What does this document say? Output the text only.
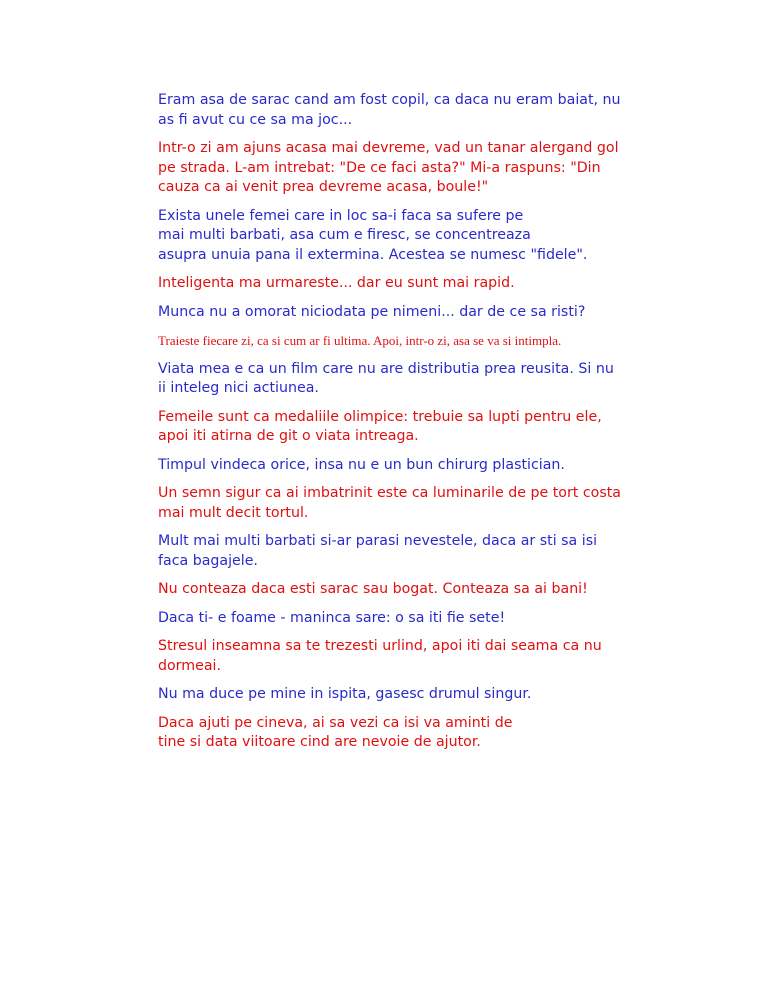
Eram asa de sarac cand am fost copil, ca daca nu eram baiat, nu
as fi avut cu ce sa ma joc...

Intr-o zi am ajuns acasa mai devreme, vad un tanar alergand gol
pe strada. L-am intrebat: "De ce faci asta?" Mi-a raspuns: "Din
cauza ca ai venit prea devreme acasa, boule!"

Exista unele femei care in loc sa-i faca sa sufere pe
mai multi barbati, asa cum e firesc, se concentreaza
asupra unuia pana il extermina. Acestea se numesc "fidele".

Inteligenta ma urmareste... dar eu sunt mai rapid.

Munca nu a omorat niciodata pe nimeni... dar de ce sa risti?

Traieste fiecare zi, ca si cum ar fi ultima. Apoi, intr-o zi, asa se va si intimpla.

Viata mea e ca un film care nu are distributia prea reusita. Si nu
ii inteleg nici actiunea.

Femeile sunt ca medaliile olimpice: trebuie sa lupti pentru ele,
apoi iti atirna de git o viata intreaga.

Timpul vindeca orice, insa nu e un bun chirurg plastician.

Un semn sigur ca ai imbatrinit este ca luminarile de pe tort costa
mai mult decit tortul.

Mult mai multi barbati si-ar parasi nevestele, daca ar sti sa isi
faca bagajele.

Nu conteaza daca esti sarac sau bogat. Conteaza sa ai bani!

Daca ti- e foame - maninca sare: o sa iti fie sete!

Stresul inseamna sa te trezesti urlind, apoi iti dai seama ca nu
dormeai.

Nu ma duce pe mine in ispita, gasesc drumul singur.

Daca ajuti pe cineva, ai sa vezi ca isi va aminti de
tine si data viitoare cind are nevoie de ajutor.
